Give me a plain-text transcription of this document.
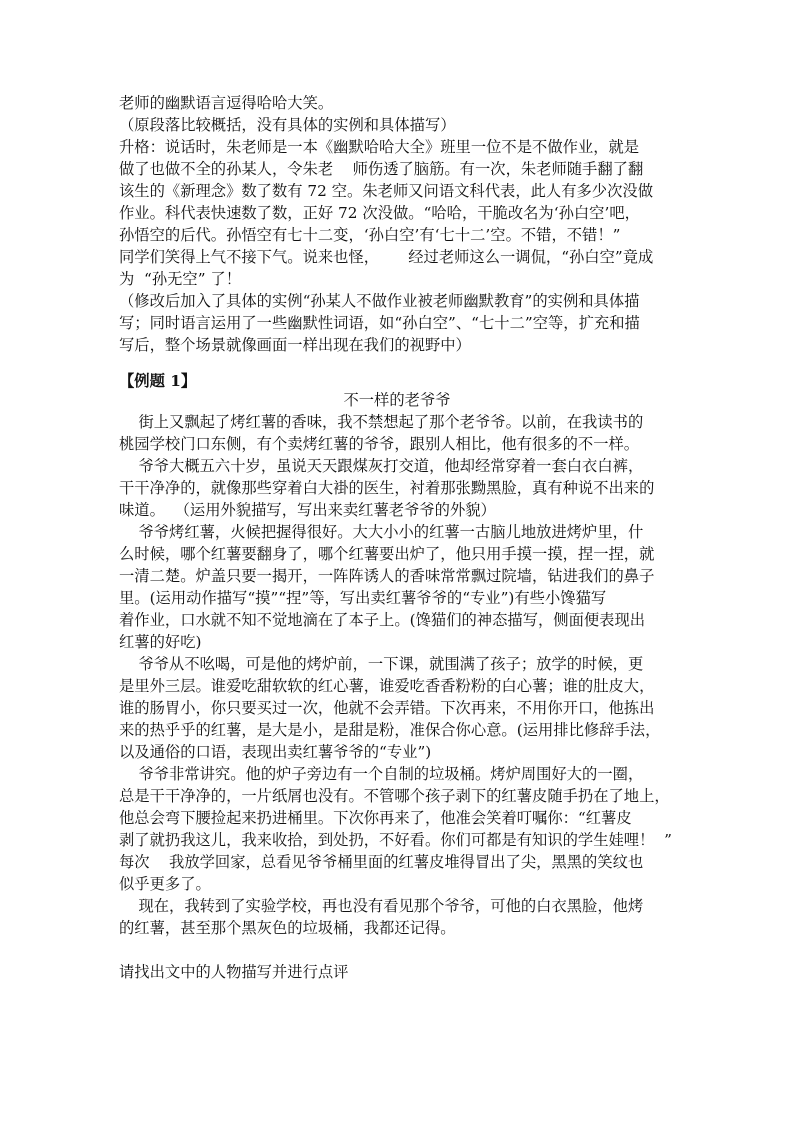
老师的幽默语言逗得哈哈大笑。
（原段落比较概括，没有具体的实例和具体描写）
升格：说话时，朱老师是一本《幽默哈哈大全》班里一位不是不做作业，就是
做了也做不全的孙某人，令朱老    师伤透了脑筋。有一次，朱老师随手翻了翻
该生的《新理念》数了数有 72 空。朱老师又问语文科代表，此人有多少次没做
作业。科代表快速数了数，正好 72 次没做。“哈哈，干脆改名为‘孙白空’吧，
孙悟空的后代。孙悟空有七十二变，‘孙白空’有‘七十二’空。不错，不错！”
同学们笑得上气不接下气。说来也怪，      经过老师这么一调侃，“孙白空”竟成
为  “孙无空” 了！
（修改后加入了具体的实例“孙某人不做作业被老师幽默教育”的实例和具体描
写；同时语言运用了一些幽默性词语，如“孙白空”、“七十二”空等，扩充和描
写后，整个场景就像画面一样出现在我们的视野中）
【例题 1】
不一样的老爷爷
街上又飘起了烤红薯的香味，我不禁想起了那个老爷爷。以前，在我读书的
桃园学校门口东侧，有个卖烤红薯的爷爷，跟别人相比，他有很多的不一样。
爷爷大概五六十岁，虽说天天跟煤灰打交道，他却经常穿着一套白衣白裤，
干干净净的，就像那些穿着白大褂的医生，衬着那张黝黑脸，真有种说不出来的
味道。  （运用外貌描写，写出来卖红薯老爷爷的外貌）
爷爷烤红薯，火候把握得很好。大大小小的红薯一古脑儿地放进烤炉里，什
么时候，哪个红薯要翻身了，哪个红薯要出炉了，他只用手摸一摸，捏一捏，就
一清二楚。炉盖只要一揭开，一阵阵诱人的香味常常飘过院墙，钻进我们的鼻子
里。(运用动作描写“摸”“捏”等，写出卖红薯爷爷的“专业”)有些小馋猫写
着作业，口水就不知不觉地滴在了本子上。(馋猫们的神态描写，侧面便表现出
红薯的好吃)
爷爷从不吆喝，可是他的烤炉前，一下课，就围满了孩子；放学的时候，更
是里外三层。谁爱吃甜软软的红心薯，谁爱吃香香粉粉的白心薯；谁的肚皮大，
谁的肠胃小，你只要买过一次，他就不会弄错。下次再来，不用你开口，他拣出
来的热乎乎的红薯，是大是小，是甜是粉，准保合你心意。(运用排比修辞手法，
以及通俗的口语，表现出卖红薯爷爷的“专业”)
爷爷非常讲究。他的炉子旁边有一个自制的垃圾桶。烤炉周围好大的一圈，
总是干干净净的，一片纸屑也没有。不管哪个孩子剥下的红薯皮随手扔在了地上，
他总会弯下腰捡起来扔进桶里。下次你再来了，他准会笑着叮嘱你：“红薯皮
剥了就扔我这儿，我来收拾，到处扔，不好看。你们可都是有知识的学生娃哩！  ”
每次    我放学回家，总看见爷爷桶里面的红薯皮堆得冒出了尖，黑黑的笑纹也
似乎更多了。
现在，我转到了实验学校，再也没有看见那个爷爷，可他的白衣黑脸，他烤
的红薯，甚至那个黑灰色的垃圾桶，我都还记得。
请找出文中的人物描写并进行点评
